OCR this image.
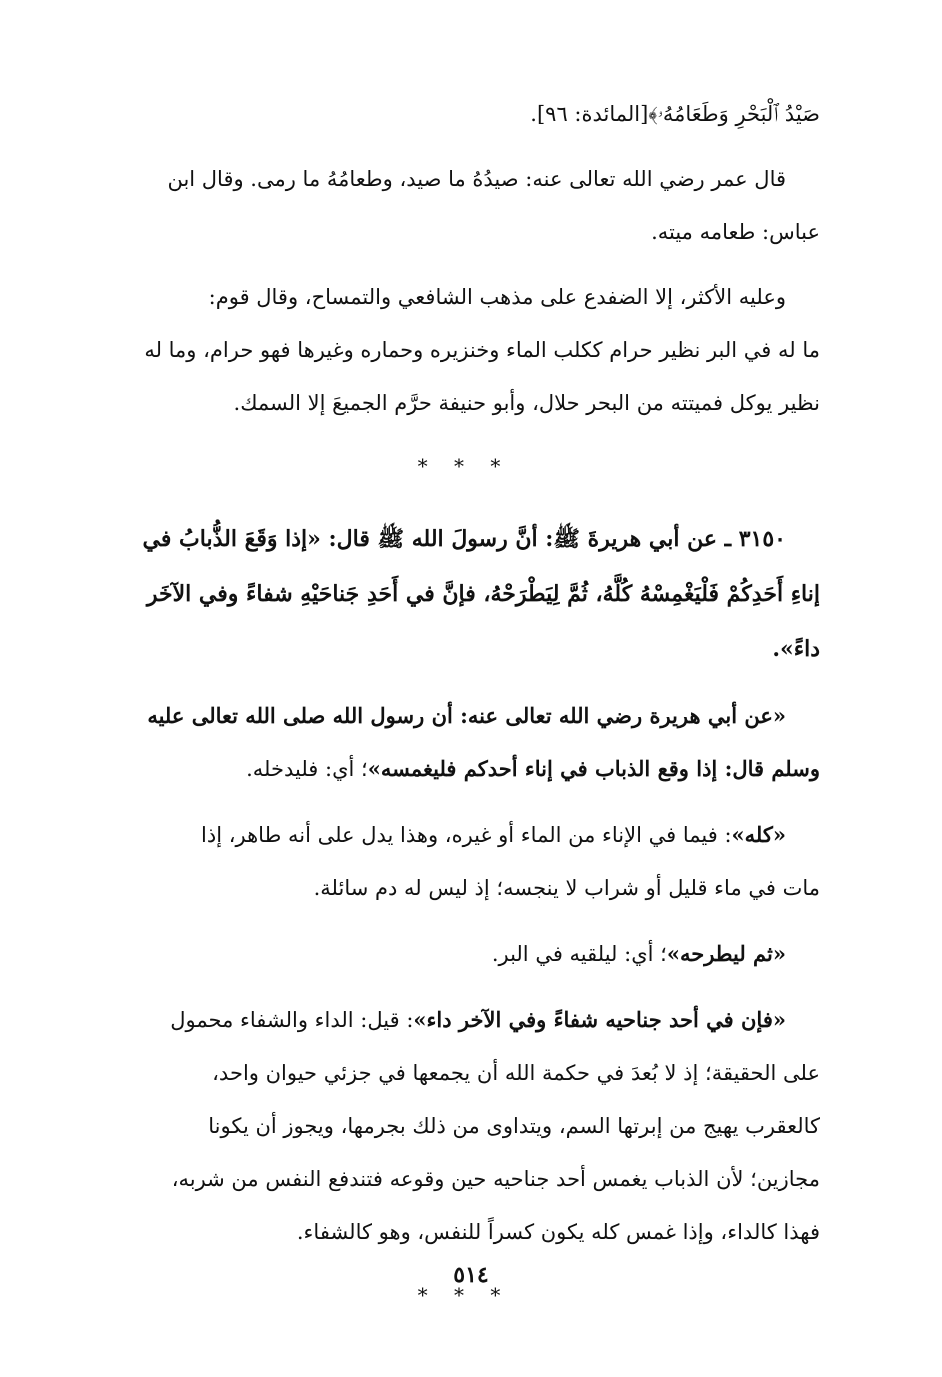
صَيْدُ ٱلْبَحْرِ وَطَعَامُهُۥ﴾[المائدة: ٩٦].

قال عمر رضي الله تعالى عنه: صيدُهُ ما صيد، وطعامُهُ ما رمى. وقال ابن

عباس: طعامه ميته.

وعليه الأكثر، إلا الضفدع على مذهب الشافعي والتمساح، وقال قوم:

ما له في البر نظير حرام ككلب الماء وخنزيره وحماره وغيرها فهو حرام، وما له

نظير يوكل فميتته من البحر حلال، وأبو حنيفة حرَّم الجميعَ إلا السمك.

* * *

٣١٥٠ ـ عن أبي هريرةَ ﷺ: أنَّ رسولَ الله ﷺ قال: «إذا وَقَعَ الذُّبابُ في

إناءِ أَحَدِكُمْ فَلْيَغْمِسْهُ كُلَّهُ، ثُمَّ لِيَطْرَحْهُ، فإنَّ في أَحَدِ جَناحَيْهِ شفاءً وفي الآخَر

داءً».

«عن أبي هريرة رضي الله تعالى عنه: أن رسول الله صلى الله تعالى عليه

وسلم قال: إذا وقع الذباب في إناء أحدكم فليغمسه»؛ أي: فليدخله.

«كله»: فيما في الإناء من الماء أو غيره، وهذا يدل على أنه طاهر، إذا

مات في ماء قليل أو شراب لا ينجسه؛ إذ ليس له دم سائلة.

«ثم ليطرحه»؛ أي: ليلقيه في البر.

«فإن في أحد جناحيه شفاءً وفي الآخر داء»: قيل: الداء والشفاء محمول

على الحقيقة؛ إذ لا بُعدَ في حكمة الله أن يجمعها في جزئي حيوان واحد،

كالعقرب يهيج من إبرتها السم، ويتداوى من ذلك بجرمها، ويجوز أن يكونا

مجازين؛ لأن الذباب يغمس أحد جناحيه حين وقوعه فتندفع النفس من شربه،

فهذا كالداء، وإذا غمس كله يكون كسراً للنفس، وهو كالشفاء.

* * *
٥١٤
